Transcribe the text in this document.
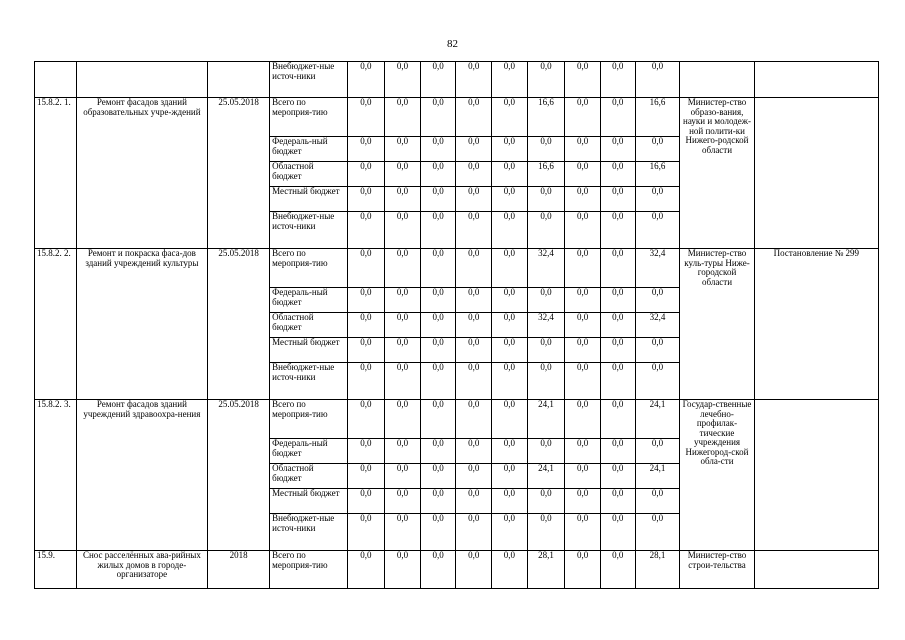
82
			Внебюджет-ные источ-ники	0,0	0,0	0,0	0,0	0,0	0,0	0,0	0,0	0,0		
15.8.2. 1.	Ремонт фасадов зданий образовательных учре-ждений	25.05.2018	Всего по мероприя-тию	0,0	0,0	0,0	0,0	0,0	16,6	0,0	0,0	16,6	Министер-ство образо-вания, науки и молодеж-ной полити-ки Нижего-родской области	
			Федераль-ный бюджет	0,0	0,0	0,0	0,0	0,0	0,0	0,0	0,0	0,0		
			Областной бюджет	0,0	0,0	0,0	0,0	0,0	16,6	0,0	0,0	16,6		
			Местный бюджет	0,0	0,0	0,0	0,0	0,0	0,0	0,0	0,0	0,0		
			Внебюджет-ные источ-ники	0,0	0,0	0,0	0,0	0,0	0,0	0,0	0,0	0,0		
15.8.2. 2.	Ремонт и покраска фаса-дов зданий учреждений культуры	25.05.2018	Всего по мероприя-тию	0,0	0,0	0,0	0,0	0,0	32,4	0,0	0,0	32,4	Министер-ство куль-туры Ниже-городской области	Постановление № 299
			Федераль-ный бюджет	0,0	0,0	0,0	0,0	0,0	0,0	0,0	0,0	0,0		
			Областной бюджет	0,0	0,0	0,0	0,0	0,0	32,4	0,0	0,0	32,4		
			Местный бюджет	0,0	0,0	0,0	0,0	0,0	0,0	0,0	0,0	0,0		
			Внебюджет-ные источ-ники	0,0	0,0	0,0	0,0	0,0	0,0	0,0	0,0	0,0		
15.8.2. 3.	Ремонт фасадов зданий учреждений здравоохра-нения	25.05.2018	Всего по мероприя-тию	0,0	0,0	0,0	0,0	0,0	24,1	0,0	0,0	24,1	Государ-ственные лечебно-профилак-тические учреждения Нижегород-ской обла-сти	
			Федераль-ный бюджет	0,0	0,0	0,0	0,0	0,0	0,0	0,0	0,0	0,0		
			Областной бюджет	0,0	0,0	0,0	0,0	0,0	24,1	0,0	0,0	24,1		
			Местный бюджет	0,0	0,0	0,0	0,0	0,0	0,0	0,0	0,0	0,0		
			Внебюджет-ные источ-ники	0,0	0,0	0,0	0,0	0,0	0,0	0,0	0,0	0,0		
15.9.	Снос расселённых ава-рийных жилых домов в городе-организаторе	2018	Всего по мероприя-тию	0,0	0,0	0,0	0,0	0,0	28,1	0,0	0,0	28,1	Министер-ство строи-тельства	
